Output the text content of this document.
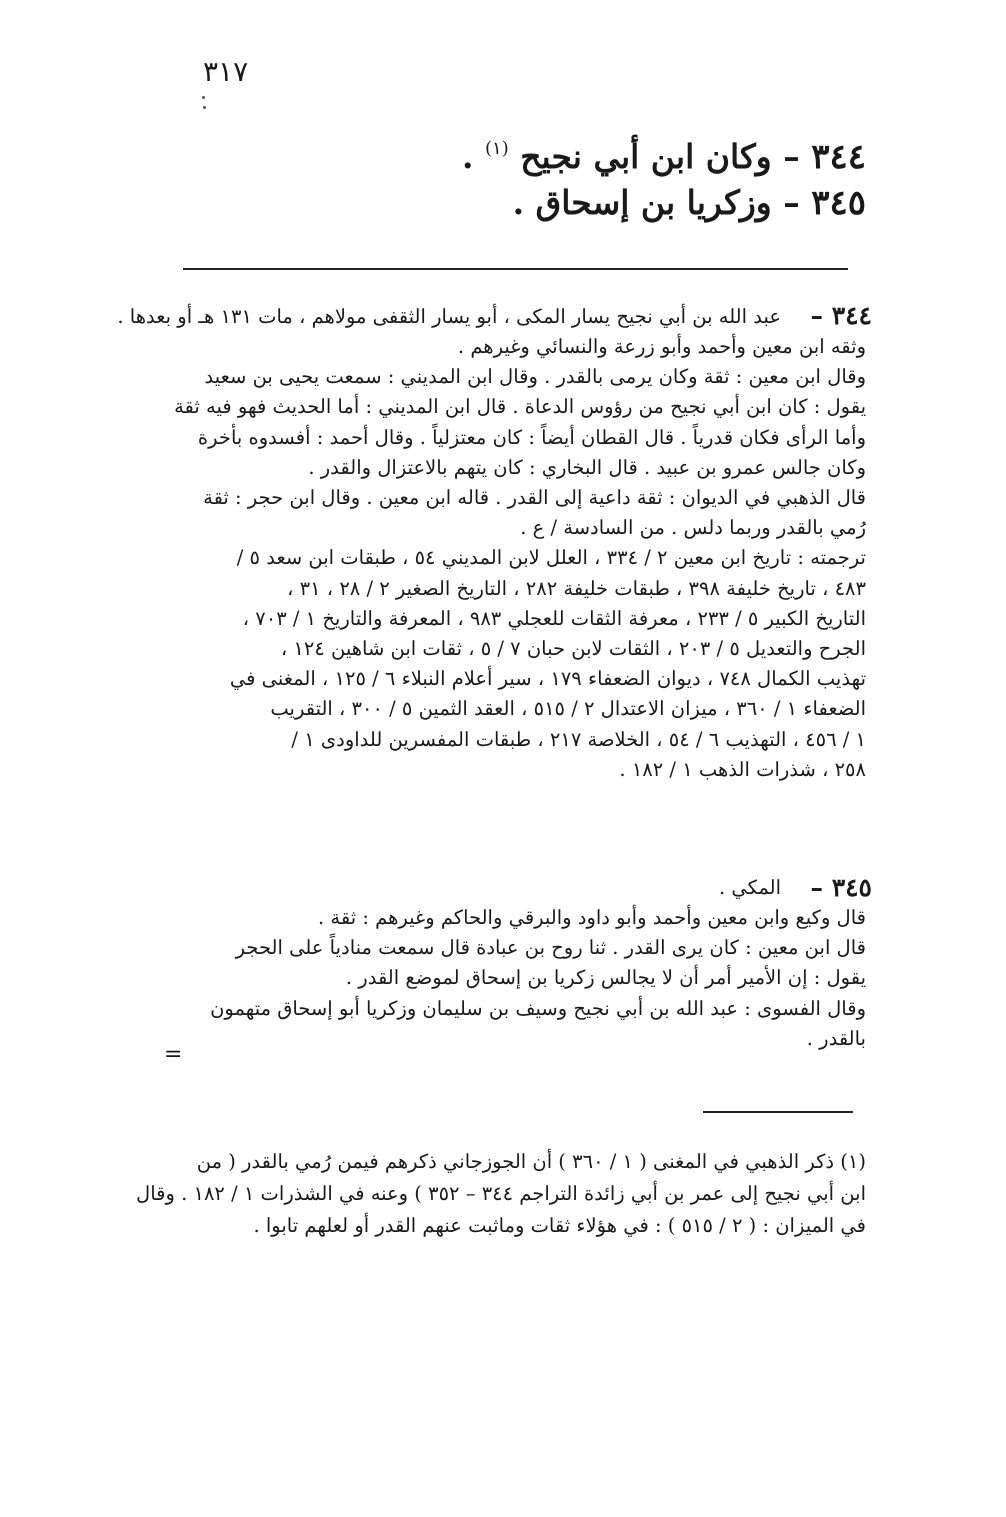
٣١٧
٣٤٤ – وكان ابن أبي نجيح $^{(١)}$ .
٣٤٥ – وزكريا بن إسحاق .
٣٤٤ –
عبد الله بن أبي نجيح يسار المكى ، أبو يسار الثقفى مولاهم ، مات ١٣١ هـ أو بعدها .
وثقه ابن معين وأحمد وأبو زرعة والنسائي وغيرهم .
وقال ابن معين : ثقة وكان يرمى بالقدر . وقال ابن المديني : سمعت يحيى بن سعيد
يقول : كان ابن أبي نجيح من رؤوس الدعاة . قال ابن المديني : أما الحديث فهو فيه ثقة
وأما الرأى فكان قدرياً . قال القطان أيضاً : كان معتزلياً . وقال أحمد : أفسدوه بأخرة
وكان جالس عمرو بن عبيد . قال البخاري : كان يتهم بالاعتزال والقدر .
قال الذهبي في الديوان : ثقة داعية إلى القدر . قاله ابن معين . وقال ابن حجر : ثقة
رُمي بالقدر وربما دلس . من السادسة / ع .
ترجمته : تاريخ ابن معين ٢ / ٣٣٤ ، العلل لابن المديني ٥٤ ، طبقات ابن سعد ٥ /
٤٨٣ ، تاريخ خليفة ٣٩٨ ، طبقات خليفة ٢٨٢ ، التاريخ الصغير ٢ / ٢٨ ، ٣١ ،
التاريخ الكبير ٥ / ٢٣٣ ، معرفة الثقات للعجلي ٩٨٣ ، المعرفة والتاريخ ١ / ٧٠٣ ،
الجرح والتعديل ٥ / ٢٠٣ ، الثقات لابن حبان ٧ / ٥ ، ثقات ابن شاهين ١٢٤ ،
تهذيب الكمال ٧٤٨ ، ديوان الضعفاء ١٧٩ ، سير أعلام النبلاء ٦ / ١٢٥ ، المغنى في
الضعفاء ١ / ٣٦٠ ، ميزان الاعتدال ٢ / ٥١٥ ، العقد الثمين ٥ / ٣٠٠ ، التقريب
١ / ٤٥٦ ، التهذيب ٦ / ٥٤ ، الخلاصة ٢١٧ ، طبقات المفسرين للداودى ١ /
٢٥٨ ، شذرات الذهب ١ / ١٨٢ .
٣٤٥ –
المكي .
قال وكيع وابن معين وأحمد وأبو داود والبرقي والحاكم وغيرهم : ثقة .
قال ابن معين : كان يرى القدر . ثنا روح بن عبادة قال سمعت منادياً على الحجر
يقول : إن الأمير أمر أن لا يجالس زكريا بن إسحاق لموضع القدر .
وقال الفسوى : عبد الله بن أبي نجيح وسيف بن سليمان وزكريا أبو إسحاق متهمون
بالقدر .
=
(١) ذكر الذهبي في المغنى ( ١ / ٣٦٠ ) أن الجوزجاني ذكرهم فيمن رُمي بالقدر ( من
ابن أبي نجيح إلى عمر بن أبي زائدة التراجم ٣٤٤ – ٣٥٢ ) وعنه في الشذرات ١ / ١٨٢ . وقال
في الميزان : ( ٢ / ٥١٥ ) : في هؤلاء ثقات وماثبت عنهم القدر أو لعلهم تابوا .
